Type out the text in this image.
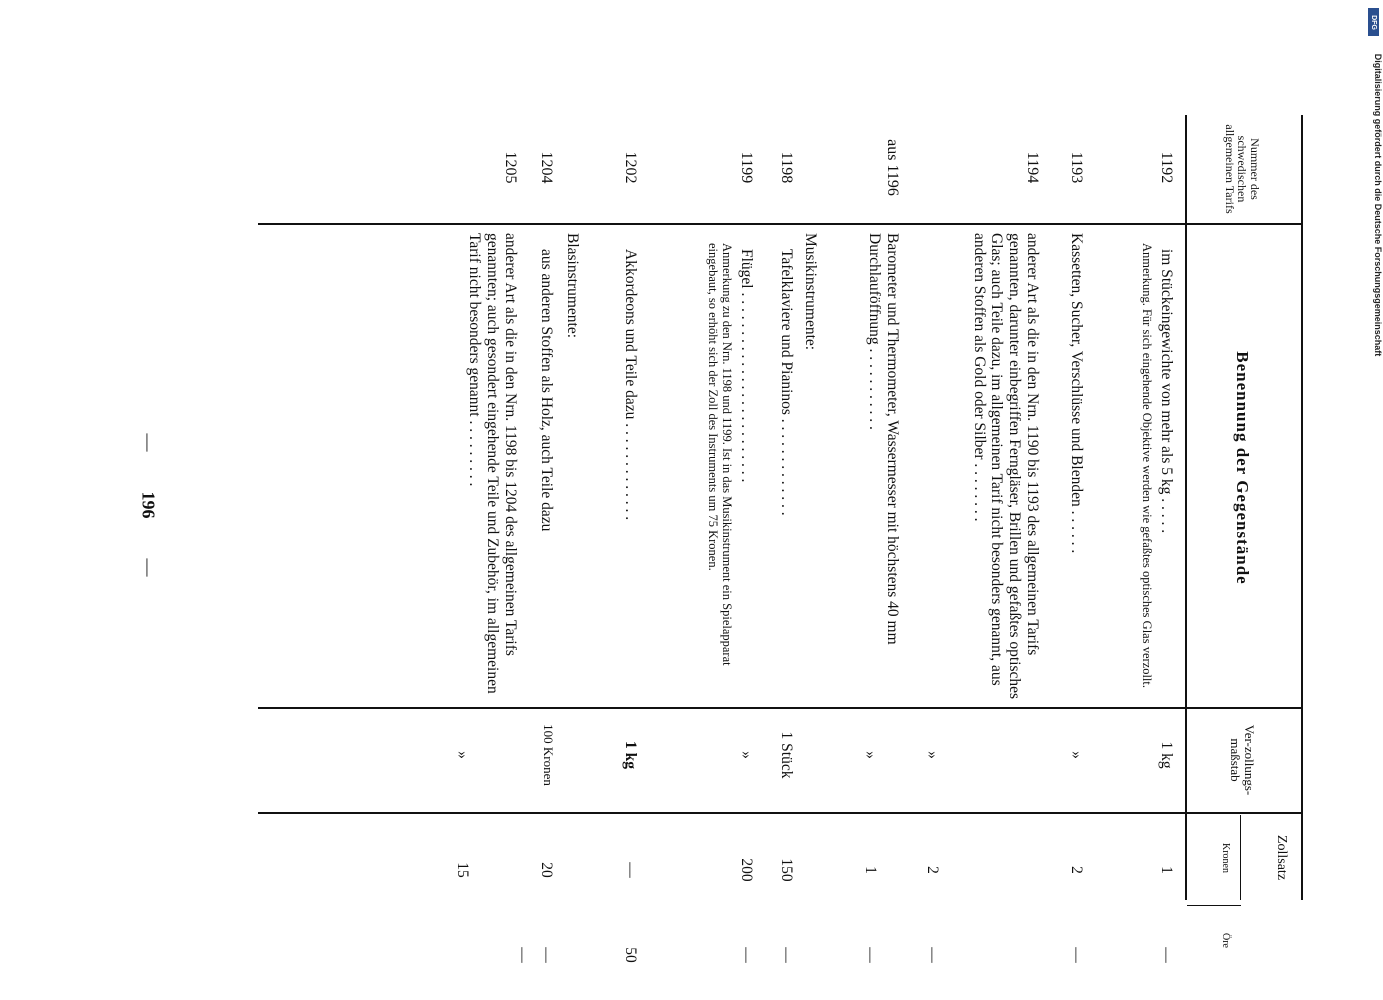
—
196
—
DFG
Digitalisierung gefördert durch die Deutsche Forschungsgemeinschaft
Nummer des schwedischen allgemeinen Tarifs
Benennung der Gegenstände
Ver-zollungs-maßstab
Zollsatz
Kronen
Öre
1192
im Stückeingewichte von mehr als 5 kg . . . . .
Anmerkung. Für sich eingehende Objektive werden wie gefaßtes optisches Glas verzollt.
1 kg
1
—
1193
Kassetten, Sucher, Verschlüsse und Blenden . . . . . .
»
2
—
1194
anderer Art als die in den Nrn. 1190 bis 1193 des allgemeinen Tarifs genannten, darunter einbegriffen Ferngläser, Brillen und gefaßtes optisches Glas; auch Teile dazu, im allgemeinen Tarif nicht besonders genannt, aus anderen Stoffen als Gold oder Silber . . . . . . . .
»
2
—
aus 1196
Barometer und Thermometer, Wassermesser mit höchstens 40 mm Durchlauföffnung . . . . . . . . . . .
»
1
—
Musikinstrumente:
1198
Tafelklaviere und Pianinos . . . . . . . . . . . . .
1 Stück
150
—
1199
Flügel . . . . . . . . . . . . . . . . . . . . . . . . .
Anmerkung zu den Nrn. 1198 und 1199. Ist in das Musikinstrument ein Spielapparat eingebaut, so erhöht sich der Zoll des Instruments um 75 Kronen.
»
200
—
1202
Akkordeons und Teile dazu . . . . . . . . . . . . .
1 kg
—
50
Blasinstrumente:
1204
aus anderen Stoffen als Holz, auch Teile dazu
100 Kronen
20
—
1205
anderer Art als die in den Nrn. 1198 bis 1204 des allgemeinen Tarifs genannten; auch gesondert eingehende Teile und Zubehör, im allgemeinen Tarif nicht besonders genannt . . . . . . . . .
»
15
—
